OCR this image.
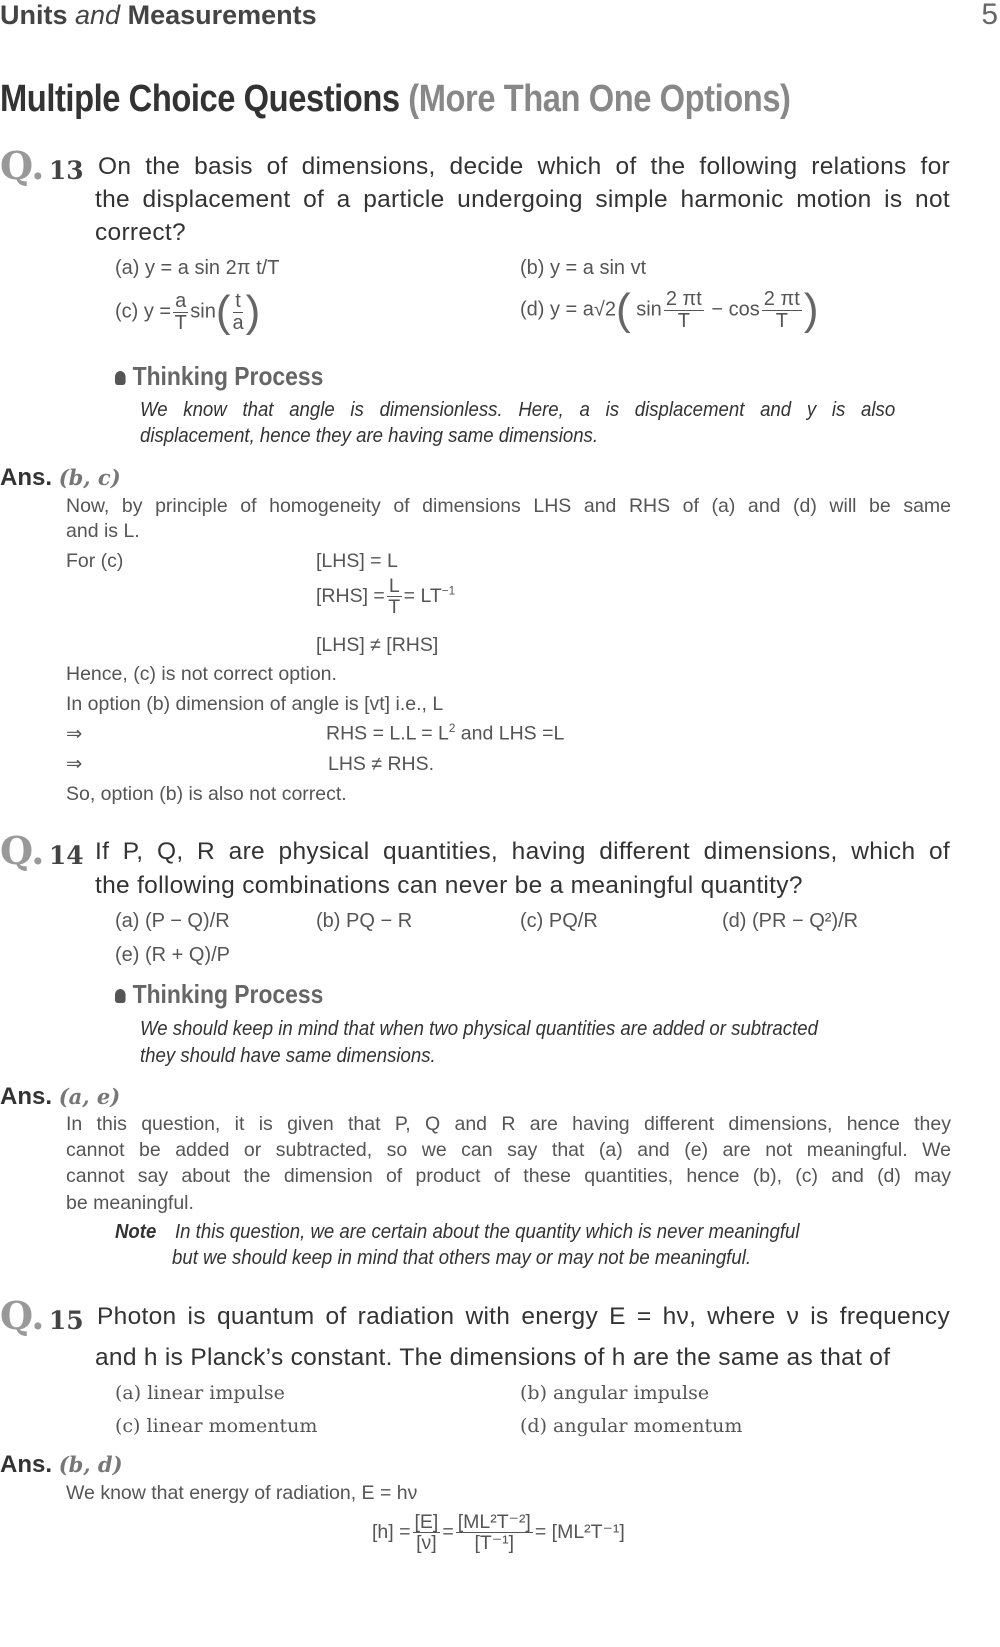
Units and Measurements	5
Multiple Choice Questions (More Than One Options)
Q. 13 On the basis of dimensions, decide which of the following relations for
the displacement of a particle undergoing simple harmonic motion is not
correct?
(a) y = a sin 2π t/T	(b) y = a sin vt
(c) $y = \frac{a}{T} \sin( \frac{t}{a}$ )	(d) y = a√2( $\sin \frac{2 \pi t}{T} - \cos \frac{2 \pi t}{T}$ )
Thinking Process
We know that angle is dimensionless. Here, a is displacement and y is also
displacement, hence they are having same dimensions.
Ans. (b, c)
Now, by principle of homogeneity of dimensions LHS and RHS of (a) and (d) will be same
and is L.
For (c)	[LHS] = L
$[RHS] = \frac{L}{T} = LT^{-1}$
[LHS] ≠ [RHS]
Hence, (c) is not correct option.
In option (b) dimension of angle is [vt] i.e., L
⇒	RHS = $L.L = L^2$ and LHS =L
⇒	LHS ≠ RHS.
So, option (b) is also not correct.
Q. 14 If P, Q, R are physical quantities, having different dimensions, which of
the following combinations can never be a meaningful quantity?
(a) (P − Q)/R	(b) PQ − R	(c) PQ/R	(d) (PR − Q²)/R
(e) (R + Q)/P
Thinking Process
We should keep in mind that when two physical quantities are added or subtracted
they should have same dimensions.
Ans. (a, e)
In this question, it is given that P, Q and R are having different dimensions, hence they
cannot be added or subtracted, so we can say that (a) and (e) are not meaningful. We
cannot say about the dimension of product of these quantities, hence (b), (c) and (d) may
be meaningful.
Note In this question, we are certain about the quantity which is never meaningful
but we should keep in mind that others may or may not be meaningful.
Q. 15 Photon is quantum of radiation with energy E = hν, where ν is frequency
and h is Planck’s constant. The dimensions of h are the same as that of
(a) linear impulse	(b) angular impulse
(c) linear momentum	(d) angular momentum
Ans. (b, d)
We know that energy of radiation, E = hν
$[h] = \frac{[E]}{[\nu]} = \frac{\text{[ML²T⁻²]}}{\text{[T⁻¹]}} = [ML^2T^{-1}]$
